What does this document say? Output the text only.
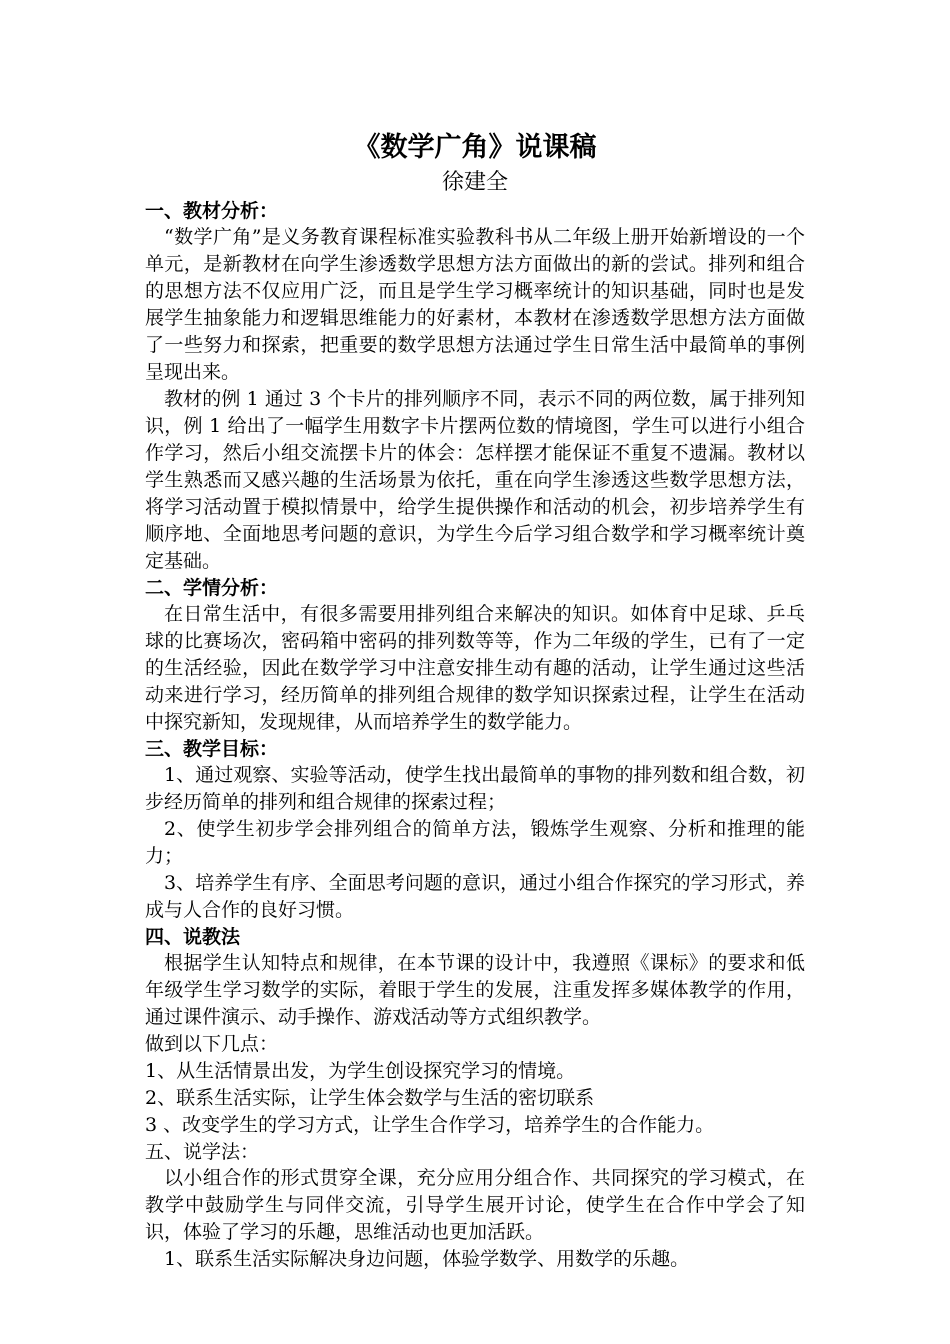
《数学广角》说课稿
徐建全
一、教材分析：

“数学广角”是义务教育课程标准实验教科书从二年级上册开始新增设的一个单元，是新教材在向学生渗透数学思想方法方面做出的新的尝试。排列和组合的思想方法不仅应用广泛，而且是学生学习概率统计的知识基础，同时也是发展学生抽象能力和逻辑思维能力的好素材，本教材在渗透数学思想方法方面做了一些努力和探索，把重要的数学思想方法通过学生日常生活中最简单的事例呈现出来。

教材的例 1 通过 3 个卡片的排列顺序不同，表示不同的两位数，属于排列知识，例 1 给出了一幅学生用数字卡片摆两位数的情境图，学生可以进行小组合作学习，然后小组交流摆卡片的体会：怎样摆才能保证不重复不遗漏。教材以学生熟悉而又感兴趣的生活场景为依托，重在向学生渗透这些数学思想方法，将学习活动置于模拟情景中，给学生提供操作和活动的机会，初步培养学生有顺序地、全面地思考问题的意识，为学生今后学习组合数学和学习概率统计奠定基础。

二、学情分析：

在日常生活中，有很多需要用排列组合来解决的知识。如体育中足球、乒乓球的比赛场次，密码箱中密码的排列数等等，作为二年级的学生，已有了一定的生活经验，因此在数学学习中注意安排生动有趣的活动，让学生通过这些活动来进行学习，经历简单的排列组合规律的数学知识探索过程，让学生在活动中探究新知，发现规律，从而培养学生的数学能力。

三、教学目标：

1、通过观察、实验等活动，使学生找出最简单的事物的排列数和组合数，初步经历简单的排列和组合规律的探索过程；

2、使学生初步学会排列组合的简单方法，锻炼学生观察、分析和推理的能力；

3、培养学生有序、全面思考问题的意识，通过小组合作探究的学习形式，养成与人合作的良好习惯。

四、说教法

根据学生认知特点和规律，在本节课的设计中，我遵照《课标》的要求和低年级学生学习数学的实际，着眼于学生的发展，注重发挥多媒体教学的作用，通过课件演示、动手操作、游戏活动等方式组织教学。

做到以下几点：

1、从生活情景出发，为学生创设探究学习的情境。

2、联系生活实际，让学生体会数学与生活的密切联系

3 、改变学生的学习方式，让学生合作学习，培养学生的合作能力。

五、说学法：

以小组合作的形式贯穿全课，充分应用分组合作、共同探究的学习模式，在教学中鼓励学生与同伴交流，引导学生展开讨论，使学生在合作中学会了知识，体验了学习的乐趣，思维活动也更加活跃。

1、联系生活实际解决身边问题，体验学数学、用数学的乐趣。
